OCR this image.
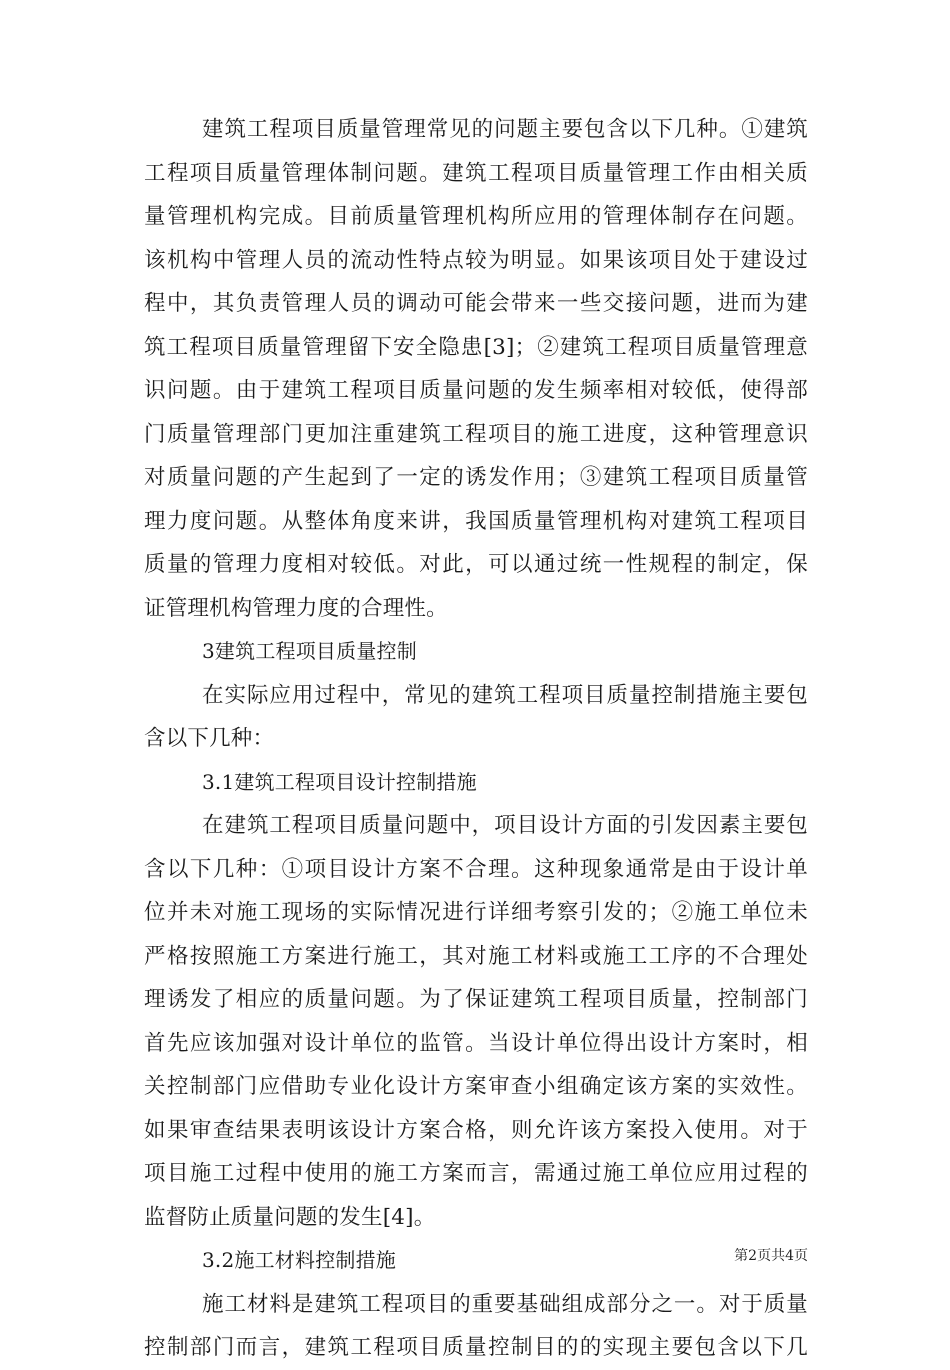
建筑工程项目质量管理常见的问题主要包含以下几种。①建筑
工程项目质量管理体制问题。建筑工程项目质量管理工作由相关质
量管理机构完成。目前质量管理机构所应用的管理体制存在问题。
该机构中管理人员的流动性特点较为明显。如果该项目处于建设过
程中，其负责管理人员的调动可能会带来一些交接问题，进而为建
筑工程项目质量管理留下安全隐患[3]；②建筑工程项目质量管理意
识问题。由于建筑工程项目质量问题的发生频率相对较低，使得部
门质量管理部门更加注重建筑工程项目的施工进度，这种管理意识
对质量问题的产生起到了一定的诱发作用；③建筑工程项目质量管
理力度问题。从整体角度来讲，我国质量管理机构对建筑工程项目
质量的管理力度相对较低。对此，可以通过统一性规程的制定，保
证管理机构管理力度的合理性。
3建筑工程项目质量控制
在实际应用过程中，常见的建筑工程项目质量控制措施主要包
含以下几种：
3.1建筑工程项目设计控制措施
在建筑工程项目质量问题中，项目设计方面的引发因素主要包
含以下几种：①项目设计方案不合理。这种现象通常是由于设计单
位并未对施工现场的实际情况进行详细考察引发的；②施工单位未
严格按照施工方案进行施工，其对施工材料或施工工序的不合理处
理诱发了相应的质量问题。为了保证建筑工程项目质量，控制部门
首先应该加强对设计单位的监管。当设计单位得出设计方案时，相
关控制部门应借助专业化设计方案审查小组确定该方案的实效性。
如果审查结果表明该设计方案合格，则允许该方案投入使用。对于
项目施工过程中使用的施工方案而言，需通过施工单位应用过程的
监督防止质量问题的发生[4]。
3.2施工材料控制措施
施工材料是建筑工程项目的重要基础组成部分之一。对于质量
控制部门而言，建筑工程项目质量控制目的的实现主要包含以下几
第2页共4页
